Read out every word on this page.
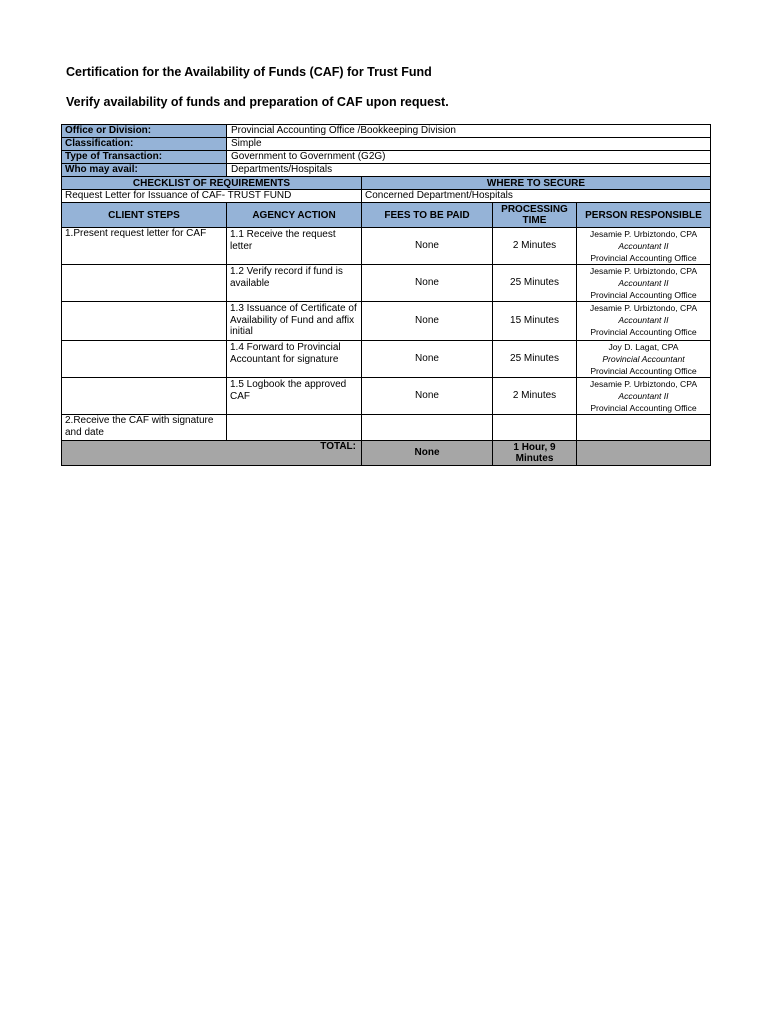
Certification for the Availability of Funds (CAF) for Trust Fund
Verify availability of funds and preparation of CAF upon request.
Office or Division:	Provincial Accounting Office /Bookkeeping Division			
Classification:	Simple			
Type of Transaction:	Government to Government (G2G)			
Who may avail:	Departments/Hospitals			
CHECKLIST OF REQUIREMENTS		WHERE TO SECURE		
Request Letter for Issuance of CAF- TRUST FUND		Concerned Department/Hospitals		
CLIENT STEPS	AGENCY ACTION	FEES TO BE PAID	PROCESSING TIME	PERSON RESPONSIBLE
1.Present request letter for CAF	1.1 Receive the request letter	None	2 Minutes	Jesamie P. Urbiztondo, CPA
Accountant II
Provincial Accounting Office

	1.2 Verify record if fund is available	None	25 Minutes	Jesamie P. Urbiztondo, CPA
Accountant II
Provincial Accounting Office

	1.3 Issuance of Certificate of Availability of Fund and affix initial	None	15 Minutes	Jesamie P. Urbiztondo, CPA
Accountant II
Provincial Accounting Office

	1.4 Forward to Provincial Accountant for signature	None	25 Minutes	Joy D. Lagat, CPA
Provincial Accountant
Provincial Accounting Office

	1.5 Logbook the approved CAF	None	2 Minutes	Jesamie P. Urbiztondo, CPA
Accountant II
Provincial Accounting Office

2.Receive the CAF with signature and date				
TOTAL:		None	1 Hour, 9 Minutes	
